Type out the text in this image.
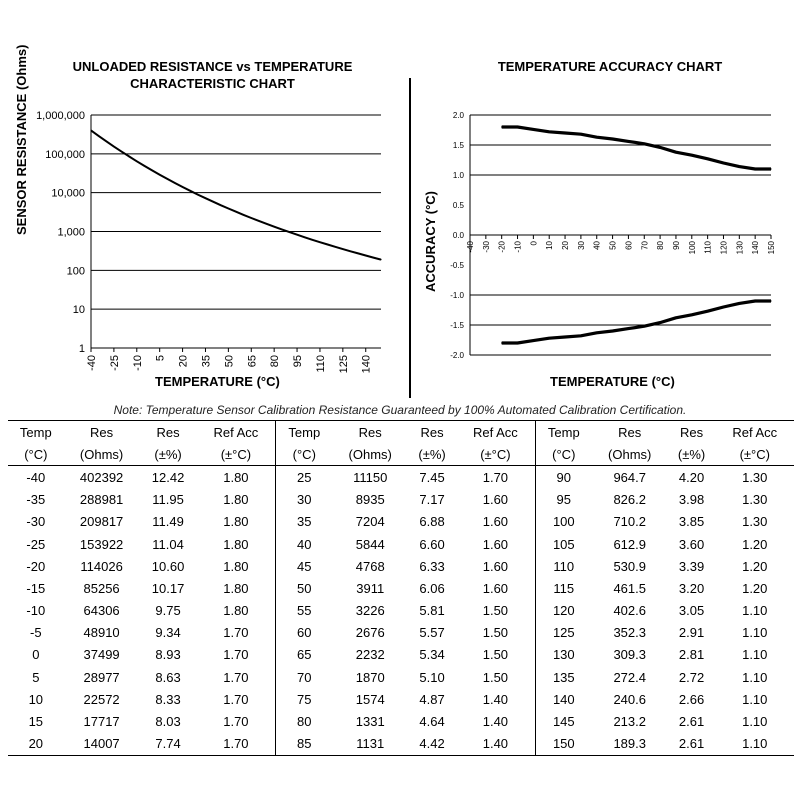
UNLOADED RESISTANCE vs TEMPERATURE
CHARACTERISTIC CHART
SENSOR RESISTANCE (Ohms)
TEMPERATURE (°C)
TEMPERATURE ACCURACY CHART
ACCURACY (°C)
TEMPERATURE (°C)
1,000,000
100,000
10,000
1,000
100
10
1
-40 -25 -10 5 20 35 50 65 80 95 110 125 140
2.0
1.5
1.0
0.5
0.0
-0.5
-1.0
-1.5
-2.0
-40 -30 -20 -10 0 10 20 30 40 50 60 70 80 90 100 110 120 130 140 150
Note: Temperature Sensor Calibration Resistance Guaranteed by 100% Automated Calibration Certification.
Temp	Res	Res	Ref Acc	Temp	Res	Res	Ref Acc	Temp	Res	Res	Ref Acc
(°C)	(Ohms)	(±%)	(±°C)	(°C)	(Ohms)	(±%)	(±°C)	(°C)	(Ohms)	(±%)	(±°C)
-40	402392	12.42	1.80	25	11150	7.45	1.70	90	964.7	4.20	1.30
-35	288981	11.95	1.80	30	8935	7.17	1.60	95	826.2	3.98	1.30
-30	209817	11.49	1.80	35	7204	6.88	1.60	100	710.2	3.85	1.30
-25	153922	11.04	1.80	40	5844	6.60	1.60	105	612.9	3.60	1.20
-20	114026	10.60	1.80	45	4768	6.33	1.60	110	530.9	3.39	1.20
-15	85256	10.17	1.80	50	3911	6.06	1.60	115	461.5	3.20	1.20
-10	64306	9.75	1.80	55	3226	5.81	1.50	120	402.6	3.05	1.10
-5	48910	9.34	1.70	60	2676	5.57	1.50	125	352.3	2.91	1.10
0	37499	8.93	1.70	65	2232	5.34	1.50	130	309.3	2.81	1.10
5	28977	8.63	1.70	70	1870	5.10	1.50	135	272.4	2.72	1.10
10	22572	8.33	1.70	75	1574	4.87	1.40	140	240.6	2.66	1.10
15	17717	8.03	1.70	80	1331	4.64	1.40	145	213.2	2.61	1.10
20	14007	7.74	1.70	85	1131	4.42	1.40	150	189.3	2.61	1.10
